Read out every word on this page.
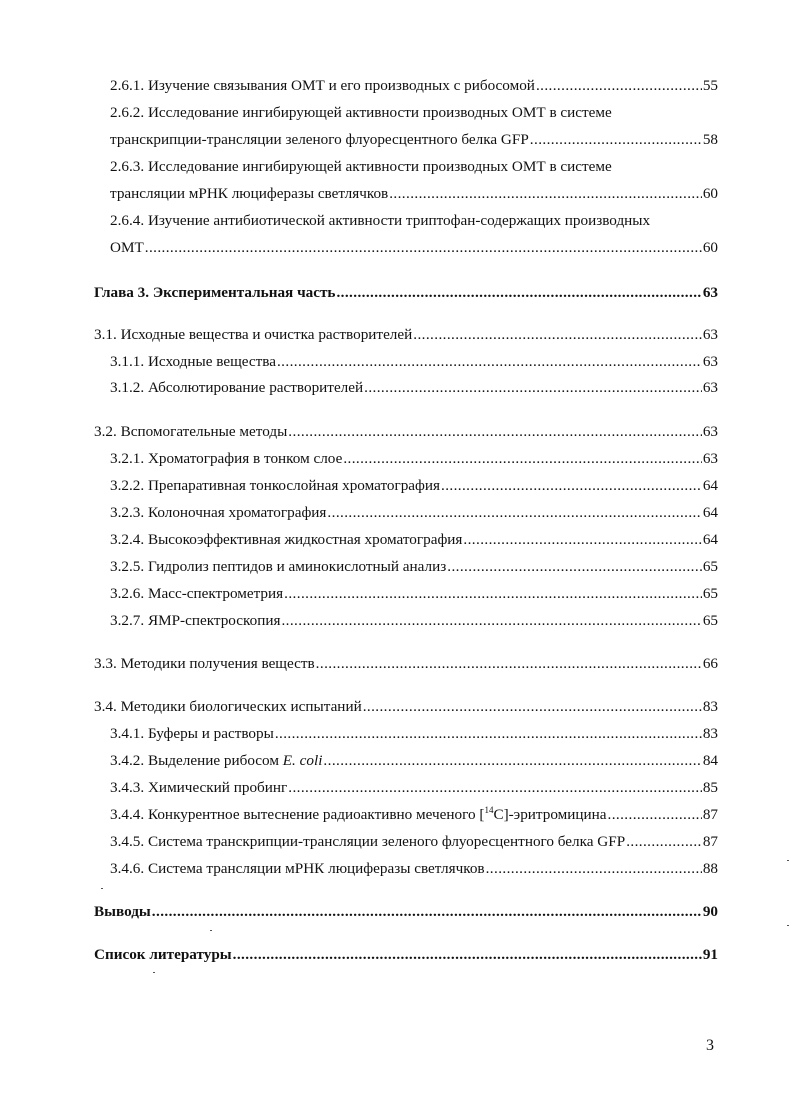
2.6.1. Изучение связывания ОМТ и его производных с рибосомой .....	55
2.6.2. Исследование ингибирующей активности производных ОМТ в системе
транскрипции-трансляции зеленого флуоресцентного белка GFP .....	58
2.6.3. Исследование ингибирующей активности производных ОМТ в системе
трансляции мРНК люциферазы светлячков .....	60
2.6.4. Изучение антибиотической активности триптофан-содержащих производных
ОМТ .....	60
Глава 3. Экспериментальная часть .....	63
3.1. Исходные вещества и очистка растворителей .....	63
3.1.1. Исходные вещества .....	63
3.1.2. Абсолютирование растворителей .....	63
3.2. Вспомогательные методы .....	63
3.2.1. Хроматография в тонком слое .....	63
3.2.2. Препаративная тонкослойная хроматография .....	64
3.2.3. Колоночная хроматография .....	64
3.2.4. Высокоэффективная жидкостная хроматография .....	64
3.2.5. Гидролиз пептидов и аминокислотный анализ .....	65
3.2.6. Масс-спектрометрия .....	65
3.2.7. ЯМР-спектроскопия .....	65
3.3. Методики получения веществ .....	66
3.4. Методики биологических испытаний .....	83
3.4.1. Буферы и растворы .....	83
3.4.2. Выделение рибосом E. coli .....	84
3.4.3. Химический пробинг .....	85
3.4.4. Конкурентное вытеснение радиоактивно меченого [$^{14}$C]-эритромицина .....	87
3.4.5. Система транскрипции-трансляции зеленого флуоресцентного белка GFP .....	87
3.4.6. Система трансляции мРНК люциферазы светлячков .....	88
Выводы .....	90
Список литературы .....	91
3
